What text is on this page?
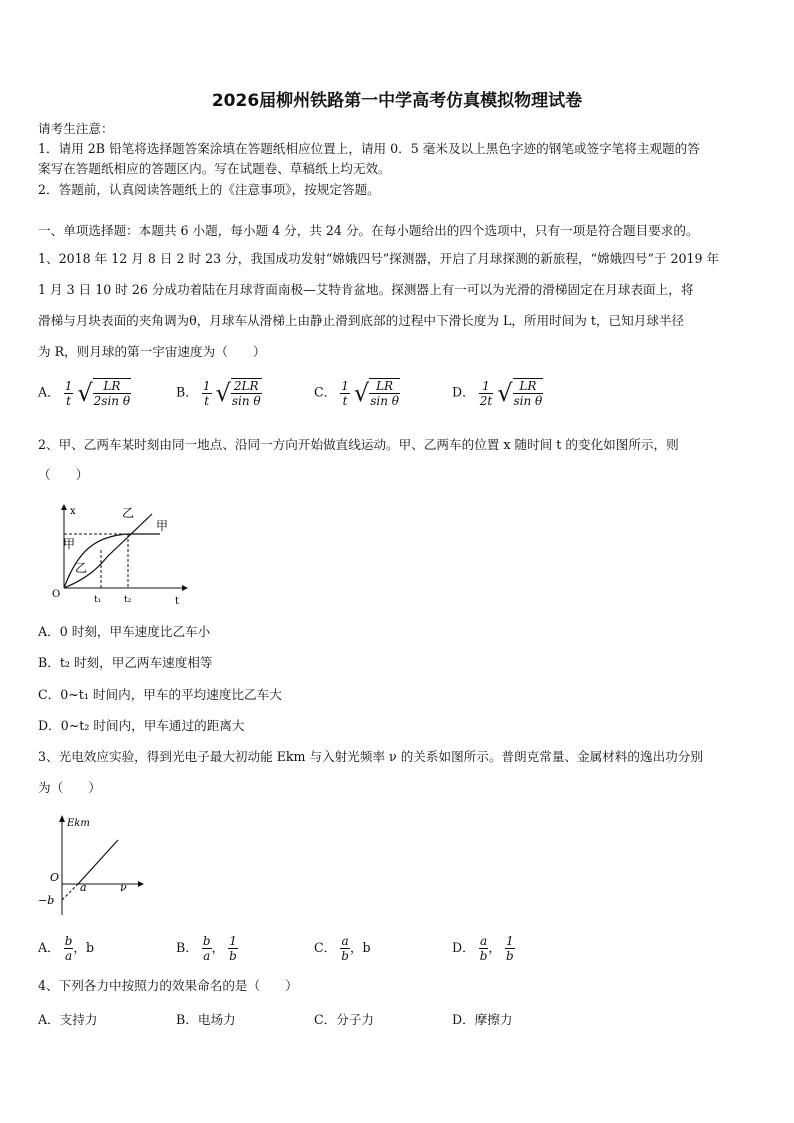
2026届柳州铁路第一中学高考仿真模拟物理试卷
请考生注意：
1．请用 2B 铅笔将选择题答案涂填在答题纸相应位置上，请用 0．5 毫米及以上黑色字迹的钢笔或签字笔将主观题的答
案写在答题纸相应的答题区内。写在试题卷、草稿纸上均无效。
2．答题前，认真阅读答题纸上的《注意事项》，按规定答题。
一、单项选择题：本题共 6 小题，每小题 4 分，共 24 分。在每小题给出的四个选项中，只有一项是符合题目要求的。
1、2018 年 12 月 8 日 2 时 23 分，我国成功发射“嫦娥四号”探测器，开启了月球探测的新旅程，“嫦娥四号”于 2019 年
1 月 3 日 10 时 26 分成功着陆在月球背面南极—艾特肯盆地。探测器上有一可以为光滑的滑梯固定在月球表面上，将
滑梯与月块表面的夹角调为θ，月球车从滑梯上由静止滑到底部的过程中下滑长度为 L，所用时间为 t，已知月球半径
为 R，则月球的第一宇宙速度为（　　）
A． $\frac{1}{t}$ √ $\frac{LR}{\text{2sin θ}}$	B． $\frac{1}{t}$ √ $\frac{2LR}{\text{sin θ}}$	C． $\frac{1}{t}$ √ $\frac{LR}{\text{sin θ}}$	D． $\frac{1}{2t}$ √ $\frac{LR}{\text{sin θ}}$
2、甲、乙两车某时刻由同一地点、沿同一方向开始做直线运动。甲、乙两车的位置 x 随时间 t 的变化如图所示，则
（　　）
x
t
O
甲
乙
甲
乙
t₁	t₂
A．0 时刻，甲车速度比乙车小
B．t₂ 时刻，甲乙两车速度相等
C．0~t₁ 时间内，甲车的平均速度比乙车大
D．0~t₂ 时间内，甲车通过的距离大
3、光电效应实验，得到光电子最大初动能 Ekm 与入射光频率 ν 的关系如图所示。普朗克常量、金属材料的逸出功分别
为（　　）
Ekm
O
a	ν
−b
A． $\frac{b}{a}$ ，b	B． $\frac{b}{a}$ ， $\frac{1}{b}$	C． $\frac{a}{b}$ ，b	D． $\frac{a}{b}$ ， $\frac{1}{b}$
4、下列各力中按照力的效果命名的是（　　）
A．支持力	B．电场力	C．分子力	D．摩擦力
